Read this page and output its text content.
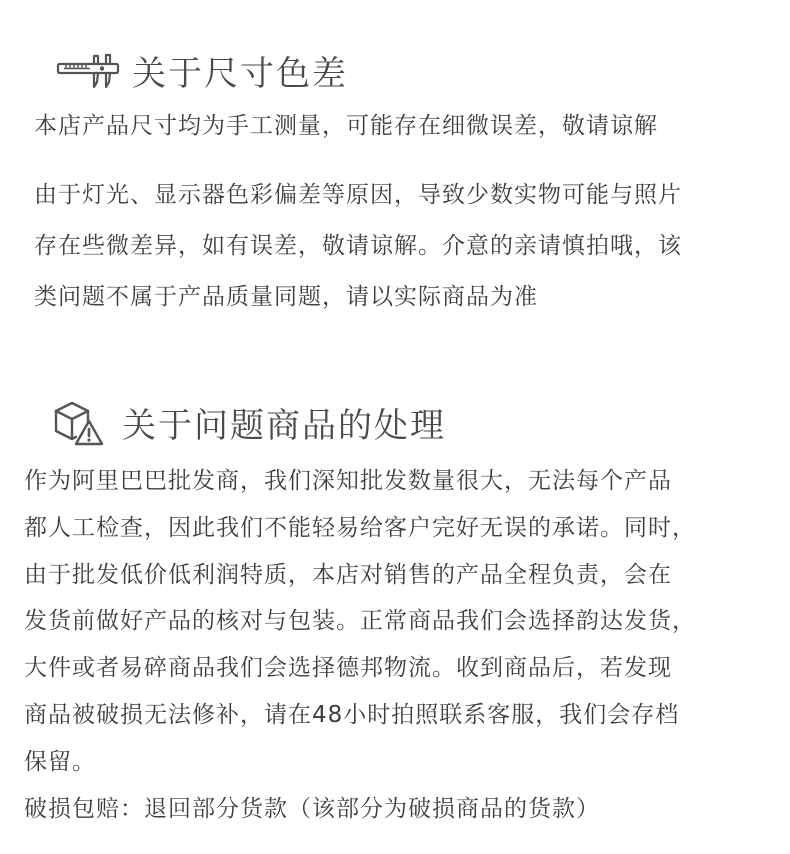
关于尺寸色差
本店产品尺寸均为手工测量，可能存在细微误差，敬请谅解
由于灯光、显示器色彩偏差等原因，导致少数实物可能与照片
存在些微差异，如有误差，敬请谅解。介意的亲请慎拍哦，该
类问题不属于产品质量同题，请以实际商品为准
关于问题商品的处理
作为阿里巴巴批发商，我们深知批发数量很大，无法每个产品
都人工检查，因此我们不能轻易给客户完好无误的承诺。同时，
由于批发低价低利润特质，本店对销售的产品全程负责，会在
发货前做好产品的核对与包装。正常商品我们会选择韵达发货，
大件或者易碎商品我们会选择德邦物流。收到商品后，若发现
商品被破损无法修补，请在48小时拍照联系客服，我们会存档
保留。
破损包赔：退回部分货款（该部分为破损商品的货款）
